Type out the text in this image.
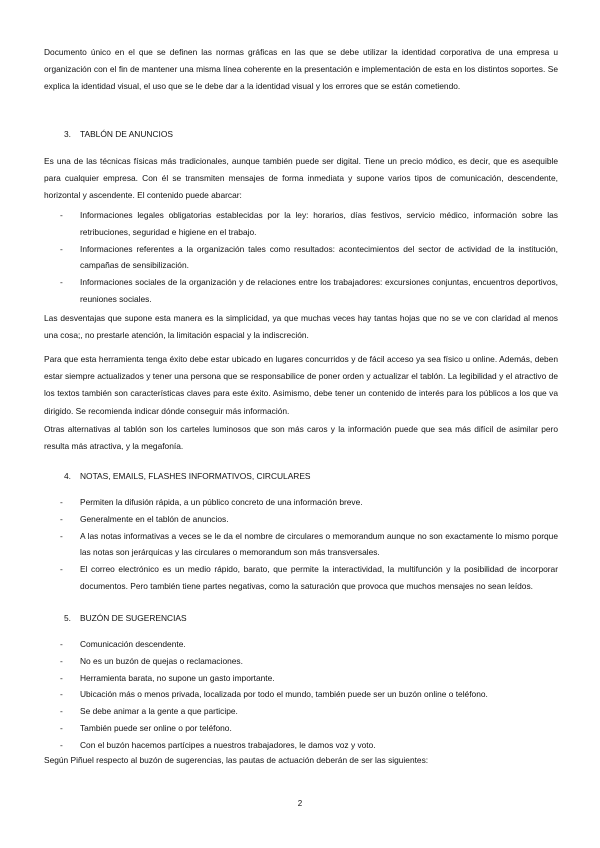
Documento único en el que se definen las normas gráficas en las que se debe utilizar la identidad corporativa de una empresa u organización con el fin de mantener una misma línea coherente en la presentación e implementación de esta en los distintos soportes. Se explica la identidad visual, el uso que se le debe dar a la identidad visual y los errores que se están cometiendo.
3. TABLÓN DE ANUNCIOS
Es una de las técnicas físicas más tradicionales, aunque también puede ser digital. Tiene un precio módico, es decir, que es asequible para cualquier empresa. Con él se transmiten mensajes de forma inmediata y supone varios tipos de comunicación, descendente, horizontal y ascendente. El contenido puede abarcar:
- Informaciones legales obligatorias establecidas por la ley: horarios, días festivos, servicio médico, información sobre las retribuciones, seguridad e higiene en el trabajo.
- Informaciones referentes a la organización tales como resultados: acontecimientos del sector de actividad de la institución, campañas de sensibilización.
- Informaciones sociales de la organización y de relaciones entre los trabajadores: excursiones conjuntas, encuentros deportivos, reuniones sociales.
Las desventajas que supone esta manera es la simplicidad, ya que muchas veces hay tantas hojas que no se ve con claridad al menos una cosa;, no prestarle atención, la limitación espacial y la indiscreción.
Para que esta herramienta tenga éxito debe estar ubicado en lugares concurridos y de fácil acceso ya sea físico u online. Además, deben estar siempre actualizados y tener una persona que se responsabilice de poner orden y actualizar el tablón. La legibilidad y el atractivo de los textos también son características claves para este éxito. Asimismo, debe tener un contenido de interés para los públicos a los que va dirigido. Se recomienda indicar dónde conseguir más información.
Otras alternativas al tablón son los carteles luminosos que son más caros y la información puede que sea más difícil de asimilar pero resulta más atractiva, y la megafonía.
4. NOTAS, EMAILS, FLASHES INFORMATIVOS, CIRCULARES
- Permiten la difusión rápida, a un público concreto de una información breve.
- Generalmente en el tablón de anuncios.
- A las notas informativas a veces se le da el nombre de circulares o memorandum aunque no son exactamente lo mismo porque las notas son jerárquicas y las circulares o memorandum son más transversales.
- El correo electrónico es un medio rápido, barato, que permite la interactividad, la multifunción y la posibilidad de incorporar documentos. Pero también tiene partes negativas, como la saturación que provoca que muchos mensajes no sean leídos.
5. BUZÓN DE SUGERENCIAS
- Comunicación descendente.
- No es un buzón de quejas o reclamaciones.
- Herramienta barata, no supone un gasto importante.
- Ubicación más o menos privada, localizada por todo el mundo, también puede ser un buzón online o teléfono.
- Se debe animar a la gente a que participe.
- También puede ser online o por teléfono.
- Con el buzón hacemos partícipes a nuestros trabajadores, le damos voz y voto.
Según Piñuel respecto al buzón de sugerencias, las pautas de actuación deberán de ser las siguientes:
2
